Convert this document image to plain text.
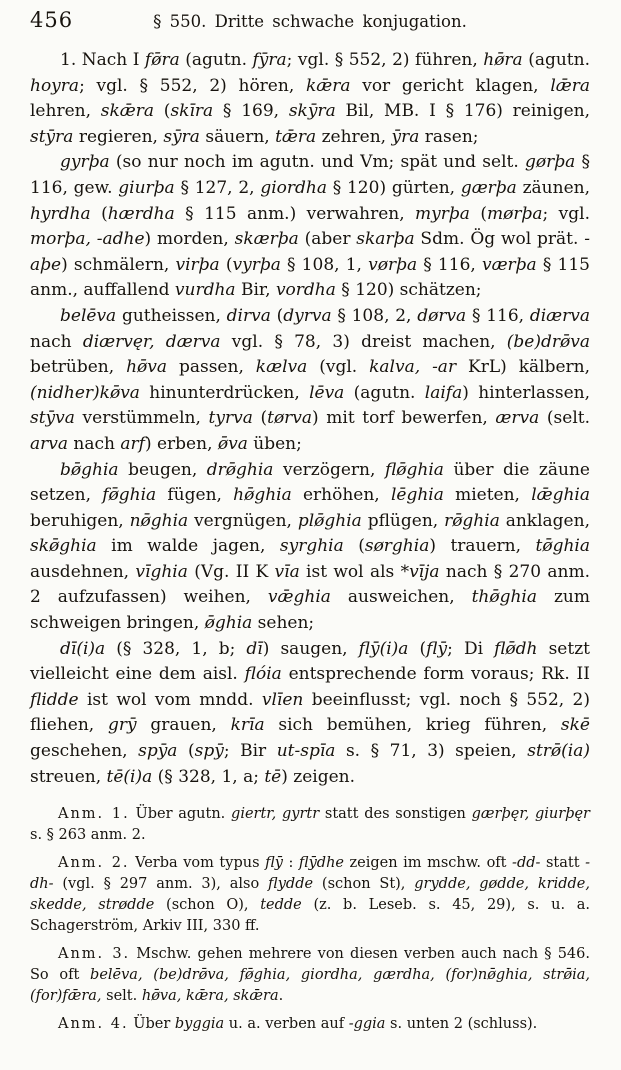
456	§ 550. Dritte schwache konjugation.

1. Nach I fø̄ra (agutn. fȳra; vgl. § 552, 2) führen, hø̄ra (agutn. hoyra; vgl. § 552, 2) hören, kǣra vor gericht klagen, lǣra lehren, skǣra (skīra § 169, skȳra Bil, MB. I § 176) reinigen, stȳra regieren, sȳra säuern, tǣra zehren, ȳra rasen;

gyrþa (so nur noch im agutn. und Vm; spät und selt. gørþa § 116, gew. giurþa § 127, 2, giordha § 120) gürten, gærþa zäunen, hyrdha (hærdha § 115 anm.) verwahren, myrþa (mørþa; vgl. morþa, -adhe) morden, skærþa (aber skarþa Sdm. Ög wol prät. -aþe) schmälern, virþa (vyrþa § 108, 1, vørþa § 116, værþa § 115 anm., auffallend vurdha Bir, vordha § 120) schätzen;

belēva gutheissen, dirva (dyrva § 108, 2, dørva § 116, diærva nach diærvęr, dærva vgl. § 78, 3) dreist machen, (be)drø̄va betrüben, hø̄va passen, kælva (vgl. kalva, -ar KrL) kälbern, (nidher)kø̄va hinunterdrücken, lēva (agutn. laifa) hinterlassen, stȳva verstümmeln, tyrva (tørva) mit torf bewerfen, ærva (selt. arva nach arf) erben, ø̄va üben;

bø̄ghia beugen, drø̄ghia verzögern, flø̄ghia über die zäune setzen, fø̄ghia fügen, hø̄ghia erhöhen, lēghia mieten, lǣghia beruhigen, nø̄ghia vergnügen, plø̄ghia pflügen, rø̄ghia anklagen, skø̄ghia im walde jagen, syrghia (sørghia) trauern, tø̄ghia ausdehnen, vīghia (Vg. II K vīa ist wol als *vīja nach § 270 anm. 2 aufzufassen) weihen, vǣghia ausweichen, thø̄ghia zum schweigen bringen, ø̄ghia sehen;

dī(i)a (§ 328, 1, b; dī) saugen, flȳ(i)a (flȳ; Di flø̄dh setzt vielleicht eine dem aisl. flóia entsprechende form voraus; Rk. II flidde ist wol vom mndd. vlīen beeinflusst; vgl. noch § 552, 2) fliehen, grȳ grauen, krīa sich bemühen, krieg führen, skē geschehen, spȳa (spȳ; Bir ut-spīa s. § 71, 3) speien, strø̄(ia) streuen, tē(i)a (§ 328, 1, a; tē) zeigen.

Anm. 1. Über agutn. giertr, gyrtr statt des sonstigen gærþęr, giurþęr s. § 263 anm. 2.

Anm. 2. Verba vom typus flȳ : flȳdhe zeigen im mschw. oft -dd- statt -dh- (vgl. § 297 anm. 3), also flydde (schon St), grydde, gødde, kridde, skedde, strødde (schon O), tedde (z. b. Leseb. s. 45, 29), s. u. a. Schagerström, Arkiv III, 330 ff.

Anm. 3. Mschw. gehen mehrere von diesen verben auch nach § 546. So oft belēva, (be)drø̄va, fø̄ghia, giordha, gærdha, (for)nø̄ghia, strø̄ia, (for)fǣra, selt. hø̄va, kǣra, skǣra.

Anm. 4. Über byggia u. a. verben auf -ggia s. unten 2 (schluss).
